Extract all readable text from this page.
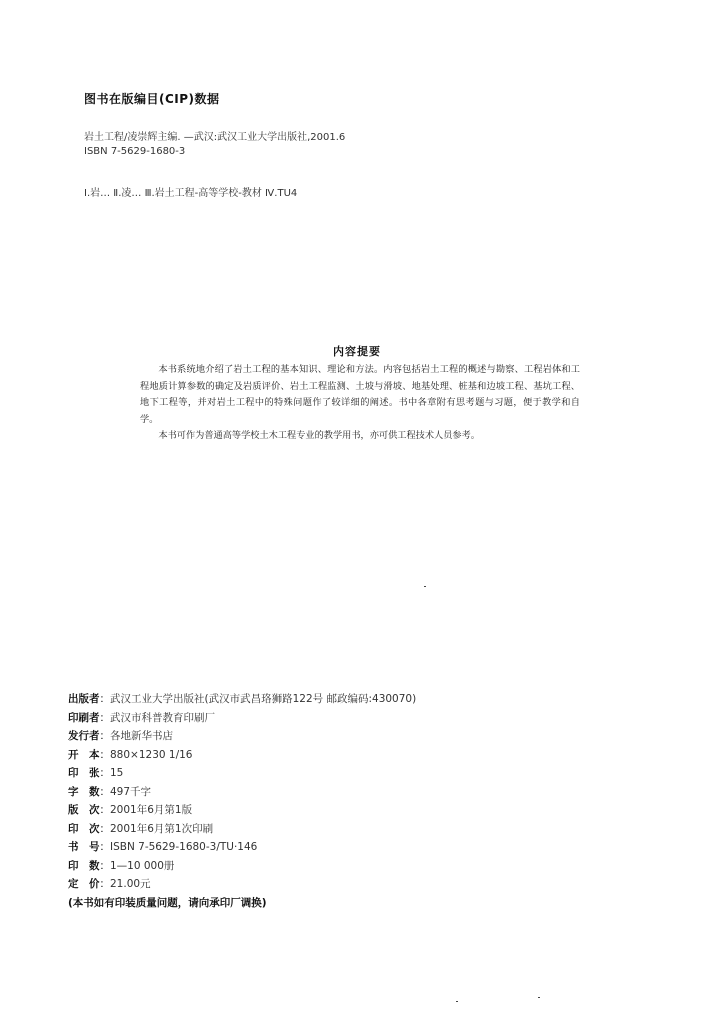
图书在版编目(CIP)数据
岩土工程/凌崇辉主编. —武汉:武汉工业大学出版社,2001.6
ISBN 7-5629-1680-3
Ⅰ.岩… Ⅱ.凌… Ⅲ.岩土工程-高等学校-教材 Ⅳ.TU4
内容提要

本书系统地介绍了岩土工程的基本知识、理论和方法。内容包括岩土工程的概述与勘察、工程岩体和工程地质计算参数的确定及岩质评价、岩土工程监测、土坡与滑坡、地基处理、桩基和边坡工程、基坑工程、地下工程等，并对岩土工程中的特殊问题作了较详细的阐述。书中各章附有思考题与习题，便于教学和自学。

本书可作为普通高等学校土木工程专业的教学用书，亦可供工程技术人员参考。

出版者：武汉工业大学出版社(武汉市武昌珞狮路122号 邮政编码:430070)
印刷者：武汉市科普教育印刷厂
发行者：各地新华书店
开　本：880×1230 1/16
印　张：15
字　数：497千字
版　次：2001年6月第1版
印　次：2001年6月第1次印刷
书　号：ISBN 7-5629-1680-3/TU·146
印　数：1—10 000册
定　价：21.00元
(本书如有印装质量问题，请向承印厂调换)
